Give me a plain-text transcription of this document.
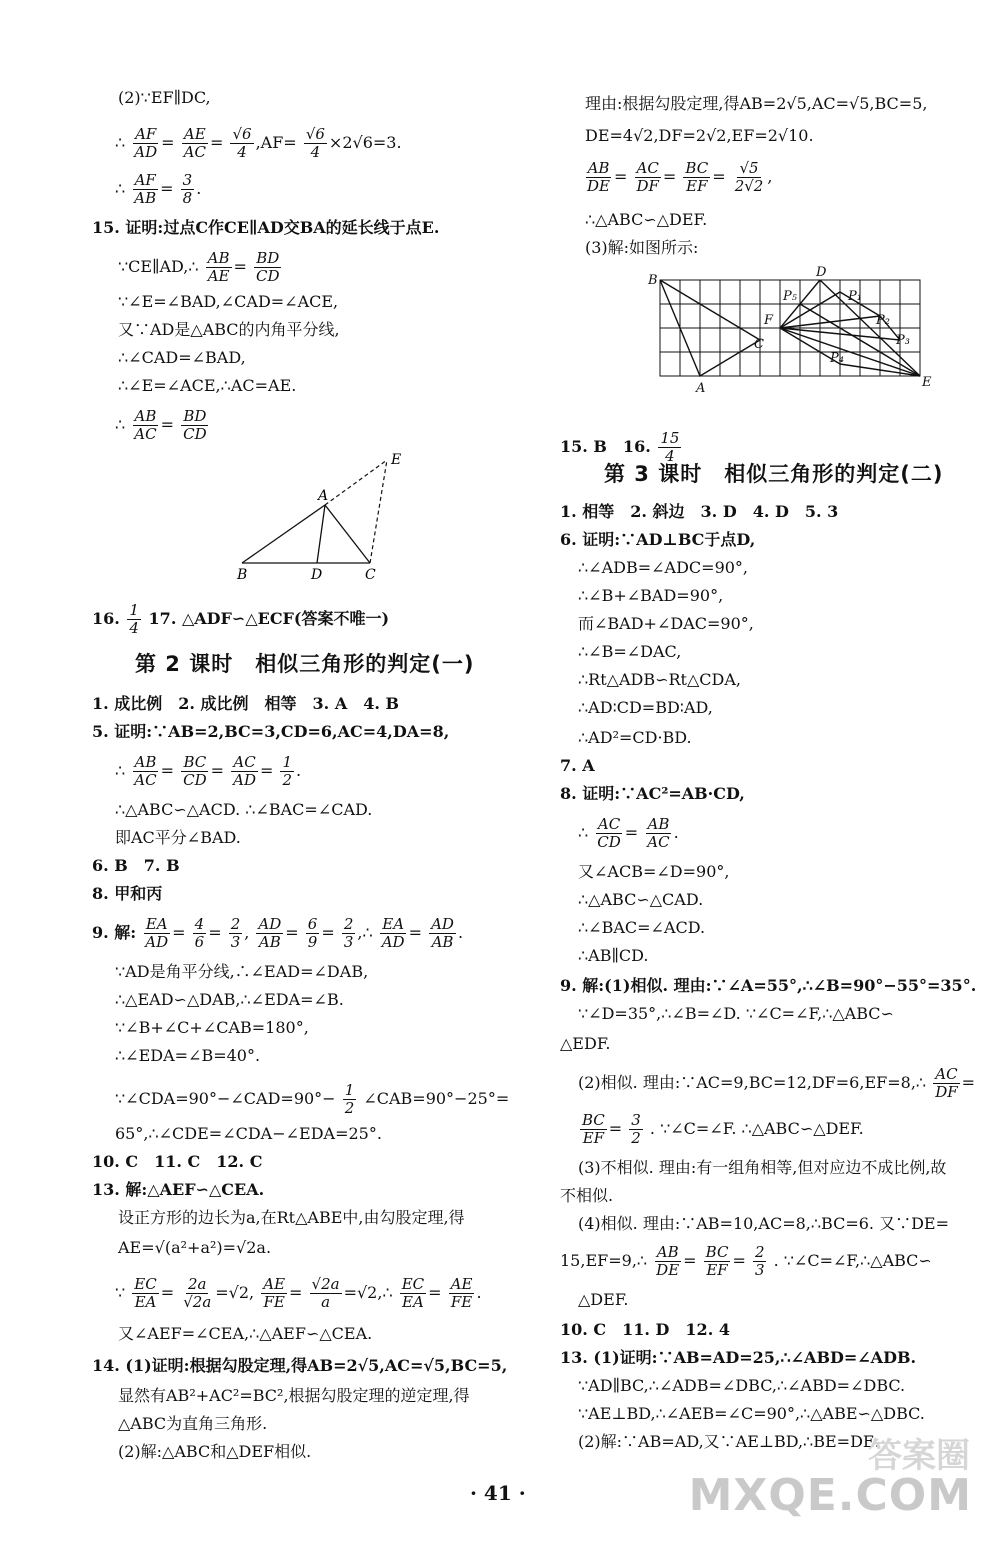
(2)∵EF∥DC,
∴ $\frac{AF}{AD} = \frac{AE}{AC} = \frac{√6}{4} ,AF= \frac{√6}{4} \times 2√6=3$.
∴ $\frac{AF}{AB} = \frac{3}{8}$ .
15. 证明:过点C作CE∥AD交BA的延长线于点E.
∵CE∥AD,∴ $\frac{AB}{AE} = \frac{BD}{CD}$
∵∠E=∠BAD,∠CAD=∠ACE,
又∵AD是△ABC的内角平分线,
∴∠CAD=∠BAD,
∴∠E=∠ACE,∴AC=AE.
∴ $\frac{AB}{AC} = \frac{BD}{CD}$
A
B	D	C
E
16. $\frac{1}{4} 17$. △ADF∽△ECF(答案不唯一)
第 2 课时　相似三角形的判定(一)
1. 成比例　2. 成比例　相等　3. A　4. B
5. 证明:∵AB=2,BC=3,CD=6,AC=4,DA=8,
∴ $\frac{AB}{AC} = \frac{BC}{CD} = \frac{AC}{AD} = \frac{1}{2}$ .
∴△ABC∽△ACD. ∴∠BAC=∠CAD.
即AC平分∠BAD.
6. B　7. B
8. 甲和丙
9. 解: $\frac{EA}{AD} = \frac{4}{6} = \frac{2}{3}$ , $\frac{AD}{AB} = \frac{6}{9} = \frac{2}{3}$ ,∴ $\frac{EA}{AD} = \frac{AD}{AB}$ .
∵AD是角平分线,∴∠EAD=∠DAB,
∴△EAD∽△DAB,∴∠EDA=∠B.
∵∠B+∠C+∠CAB=180°,
∴∠EDA=∠B=40°.
∵∠CDA=90°−∠CAD=90°− $\frac{1}{2}$ ∠CAB=90°−25°=
65°,∴∠CDE=∠CDA−∠EDA=25°.
10. C　11. C　12. C
13. 解:△AEF∽△CEA.
设正方形的边长为a,在Rt△ABE中,由勾股定理,得
AE=√(a²+a²)=√2a.
∵ $\frac{EC}{EA} = \frac{2a}{√2a} =√2$, $\frac{AE}{FE} = \frac{√2a}{a}$ =√2,∴ $\frac{EC}{EA} = \frac{AE}{FE}$ .
又∠AEF=∠CEA,∴△AEF∽△CEA.
14. (1)证明:根据勾股定理,得AB=2√5,AC=√5,BC=5,
显然有AB²+AC²=BC²,根据勾股定理的逆定理,得
△ABC为直角三角形.
(2)解:△ABC和△DEF相似.
理由:根据勾股定理,得AB=2√5,AC=√5,BC=5,
DE=4√2,DF=2√2,EF=2√10.
$\frac{AB}{DE} = \frac{AC}{DF} = \frac{BC}{EF} = \frac{√5}{2√2}$ ,
∴△ABC∽△DEF.
(3)解:如图所示:
B
D
A
C
E
F
P₅	P₁
P₂
P₃
P₄
15. B　16. $\frac{15}{4}$
第 3 课时　相似三角形的判定(二)
1. 相等　2. 斜边　3. D　4. D　5. 3
6. 证明:∵AD⊥BC于点D,
∴∠ADB=∠ADC=90°,
∴∠B+∠BAD=90°,
而∠BAD+∠DAC=90°,
∴∠B=∠DAC,
∴Rt△ADB∽Rt△CDA,
∴AD∶CD=BD∶AD,
∴AD²=CD·BD.
7. A
8. 证明:∵AC²=AB·CD,
∴ $\frac{AC}{CD} = \frac{AB}{AC}$ .
又∠ACB=∠D=90°,
∴△ABC∽△CAD.
∴∠BAC=∠ACD.
∴AB∥CD.
9. 解:(1)相似. 理由:∵∠A=55°,∴∠B=90°−55°=35°.
∵∠D=35°,∴∠B=∠D. ∵∠C=∠F,∴△ABC∽
△EDF.
(2)相似. 理由:∵AC=9,BC=12,DF=6,EF=8,∴ $\frac{AC}{DF}$ =
$\frac{BC}{EF} = \frac{3}{2}$ . ∵∠C=∠F. ∴△ABC∽△DEF.
(3)不相似. 理由:有一组角相等,但对应边不成比例,故
不相似.
(4)相似. 理由:∵AB=10,AC=8,∴BC=6. 又∵DE=
15,EF=9,∴ $\frac{AB}{DE} = \frac{BC}{EF} = \frac{2}{3}$ . ∵∠C=∠F,∴△ABC∽
△DEF.
10. C　11. D　12. 4
13. (1)证明:∵AB=AD=25,∴∠ABD=∠ADB.
∵AD∥BC,∴∠ADB=∠DBC,∴∠ABD=∠DBC.
∵AE⊥BD,∴∠AEB=∠C=90°,∴△ABE∽△DBC.
(2)解:∵AB=AD,又∵AE⊥BD,∴BE=DE.
· 41 ·
答案圈
MXQE.COM
